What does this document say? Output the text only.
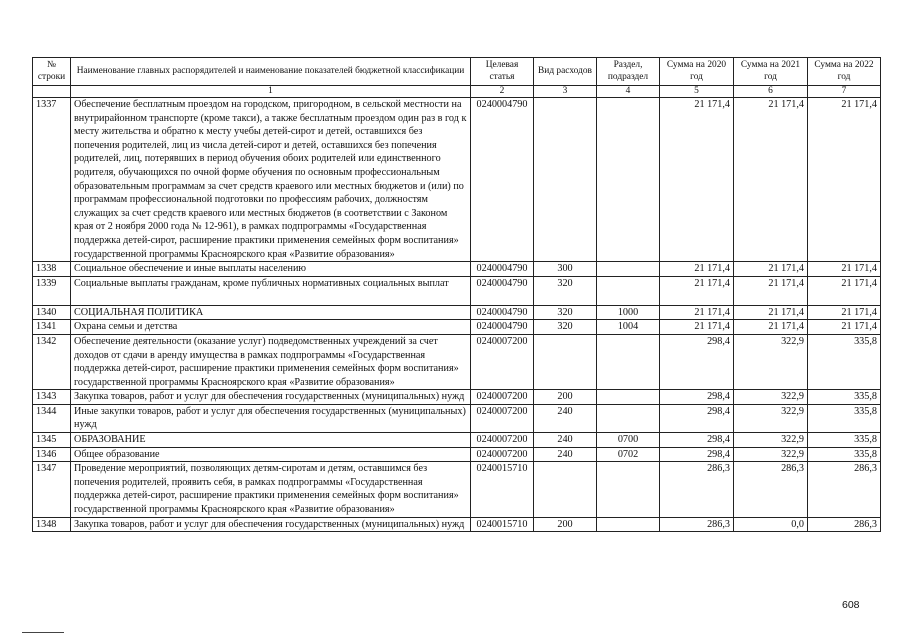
№ строки	Наименование главных распорядителей и наименование показателей бюджетной классификации	Целевая статья	Вид расходов	Раздел, подраздел	Сумма на 2020 год	Сумма на 2021 год	Сумма на 2022 год
	1	2	3	4	5	6	7
1337	Обеспечение бесплатным проездом на городском, пригородном, в сельской местности на внутрирайонном транспорте (кроме такси), а также бесплатным проездом один раз в год к месту жительства и обратно к месту учебы детей-сирот и детей, оставшихся без попечения родителей, лиц из числа детей-сирот и детей, оставшихся без попечения родителей, лиц, потерявших в период обучения обоих родителей или единственного родителя, обучающихся по очной форме обучения по основным профессиональным образовательным программам за счет средств краевого или местных бюджетов и (или) по программам профессиональной подготовки по профессиям рабочих, должностям служащих за счет средств краевого или местных бюджетов (в соответствии с Законом края от 2 ноября 2000 года № 12-961), в рамках подпрограммы «Государственная поддержка детей-сирот, расширение практики применения семейных форм воспитания» государственной программы Красноярского края «Развитие образования»	0240004790			21 171,4	21 171,4	21 171,4
1338	Социальное обеспечение и иные выплаты населению	0240004790	300		21 171,4	21 171,4	21 171,4
1339	Социальные выплаты гражданам, кроме публичных нормативных социальных выплат	0240004790	320		21 171,4	21 171,4	21 171,4
1340	СОЦИАЛЬНАЯ ПОЛИТИКА	0240004790	320	1000	21 171,4	21 171,4	21 171,4
1341	Охрана семьи и детства	0240004790	320	1004	21 171,4	21 171,4	21 171,4
1342	Обеспечение деятельности (оказание услуг) подведомственных учреждений за счет доходов от сдачи в аренду имущества в рамках подпрограммы «Государственная поддержка детей-сирот, расширение практики применения семейных форм воспитания» государственной программы Красноярского края «Развитие образования»	0240007200			298,4	322,9	335,8
1343	Закупка товаров, работ и услуг для обеспечения государственных (муниципальных) нужд	0240007200	200		298,4	322,9	335,8
1344	Иные закупки товаров, работ и услуг для обеспечения государственных (муниципальных) нужд	0240007200	240		298,4	322,9	335,8
1345	ОБРАЗОВАНИЕ	0240007200	240	0700	298,4	322,9	335,8
1346	Общее образование	0240007200	240	0702	298,4	322,9	335,8
1347	Проведение мероприятий, позволяющих детям-сиротам и детям, оставшимся без попечения родителей, проявить себя, в рамках подпрограммы «Государственная поддержка детей-сирот, расширение практики применения семейных форм воспитания» государственной программы Красноярского края «Развитие образования»	0240015710			286,3	286,3	286,3
1348	Закупка товаров, работ и услуг для обеспечения государственных (муниципальных) нужд	0240015710	200		286,3	0,0	286,3
608
